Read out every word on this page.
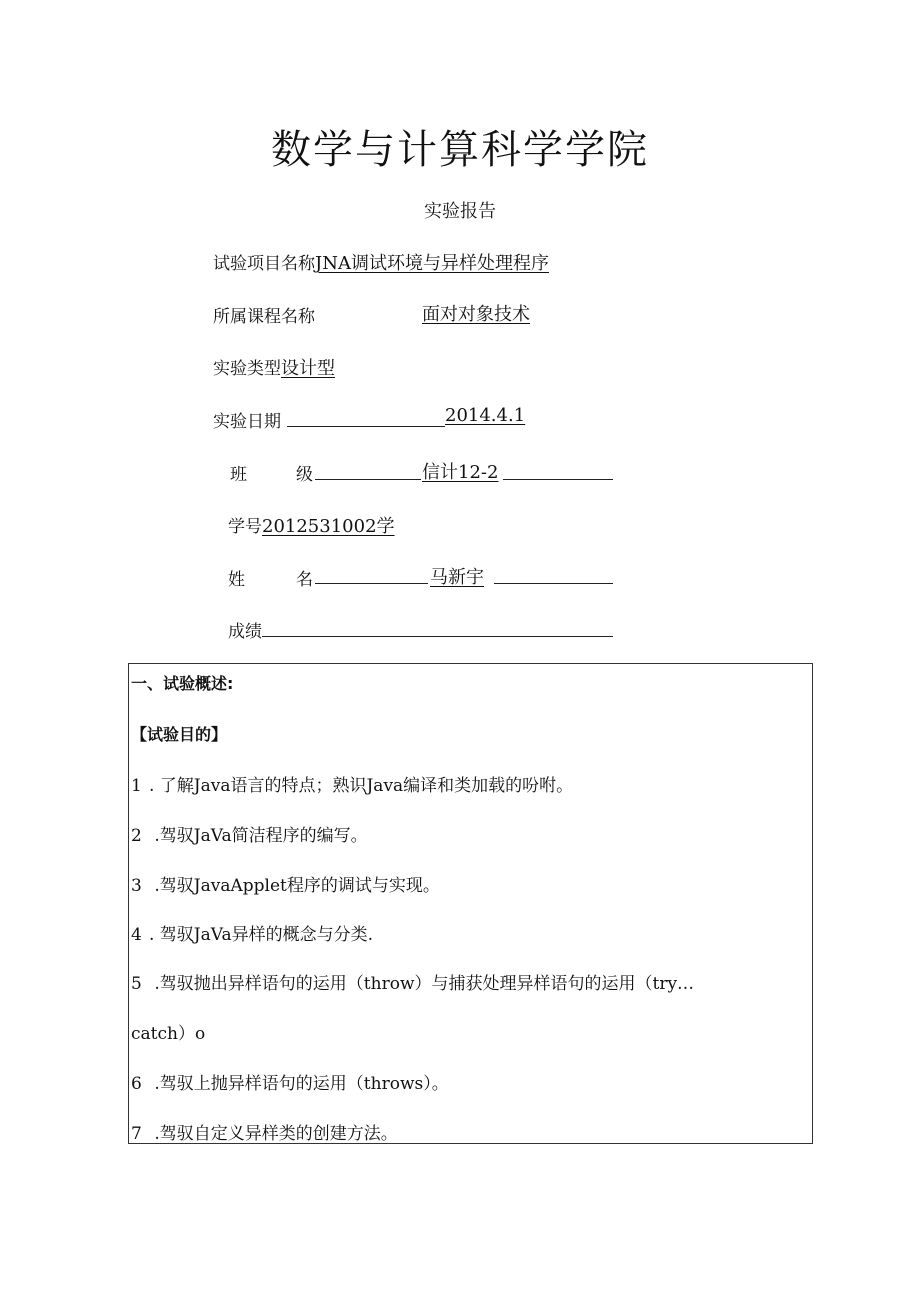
数学与计算科学学院
实验报告
试验项目名称JNA调试环境与异样处理程序
所属课程名称	面对对象技术
实验类型设计型
实验日期	2014.4.1
班	级	信计12-2
学号2012531002学
姓	名	马新宇
成绩
一、试验概述:
【试验目的】
1 . 了解Java语言的特点；熟识Java编译和类加载的吩咐。
2 .驾驭JaVa简洁程序的编写。
3 .驾驭JavaApplet程序的调试与实现。
4 . 驾驭JaVa异样的概念与分类.
5 .驾驭抛出异样语句的运用（throw）与捕获处理异样语句的运用（try…
catch）o
6 .驾驭上抛异样语句的运用（throws）。
7 .驾驭自定义异样类的创建方法。
